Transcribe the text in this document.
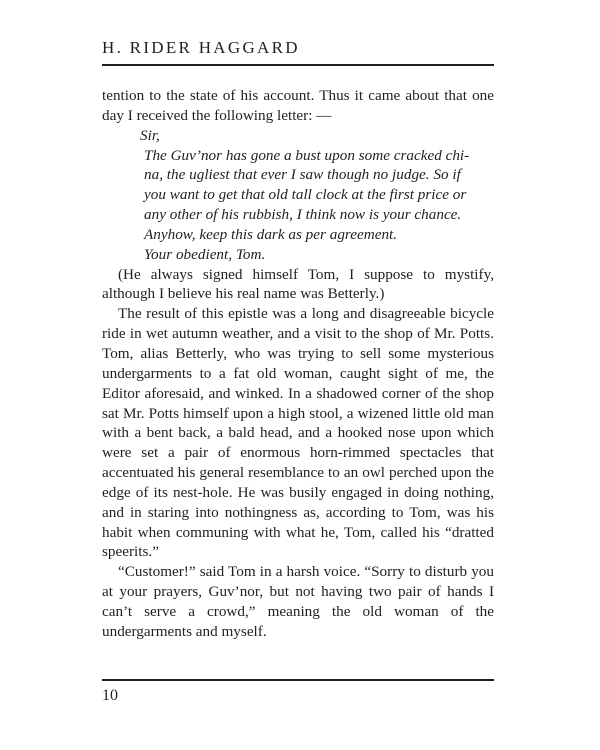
H. RIDER HAGGARD

tention to the state of his account. Thus it came about that one day I received the following letter: —

Sir,
The Guv’nor has gone a bust upon some cracked chi-
na, the ugliest that ever I saw though no judge. So if
you want to get that old tall clock at the first price or
any other of his rubbish, I think now is your chance.
Anyhow, keep this dark as per agreement.
Your obedient, Tom.

(He always signed himself Tom, I suppose to mystify, although I believe his real name was Betterly.)

The result of this epistle was a long and disagreeable bicycle ride in wet autumn weather, and a visit to the shop of Mr. Potts. Tom, alias Betterly, who was trying to sell some mysterious undergarments to a fat old woman, caught sight of me, the Editor aforesaid, and winked. In a shadowed corner of the shop sat Mr. Potts himself upon a high stool, a wizened little old man with a bent back, a bald head, and a hooked nose upon which were set a pair of enormous horn-rimmed spectacles that accentuated his general resemblance to an owl perched upon the edge of its nest-hole. He was busily engaged in doing nothing, and in staring into nothingness as, according to Tom, was his habit when communing with what he, Tom, called his “dratted speerits.”

“Customer!” said Tom in a harsh voice. “Sorry to disturb you at your prayers, Guv’nor, but not having two pair of hands I can’t serve a crowd,” meaning the old woman of the undergarments and myself.

10
